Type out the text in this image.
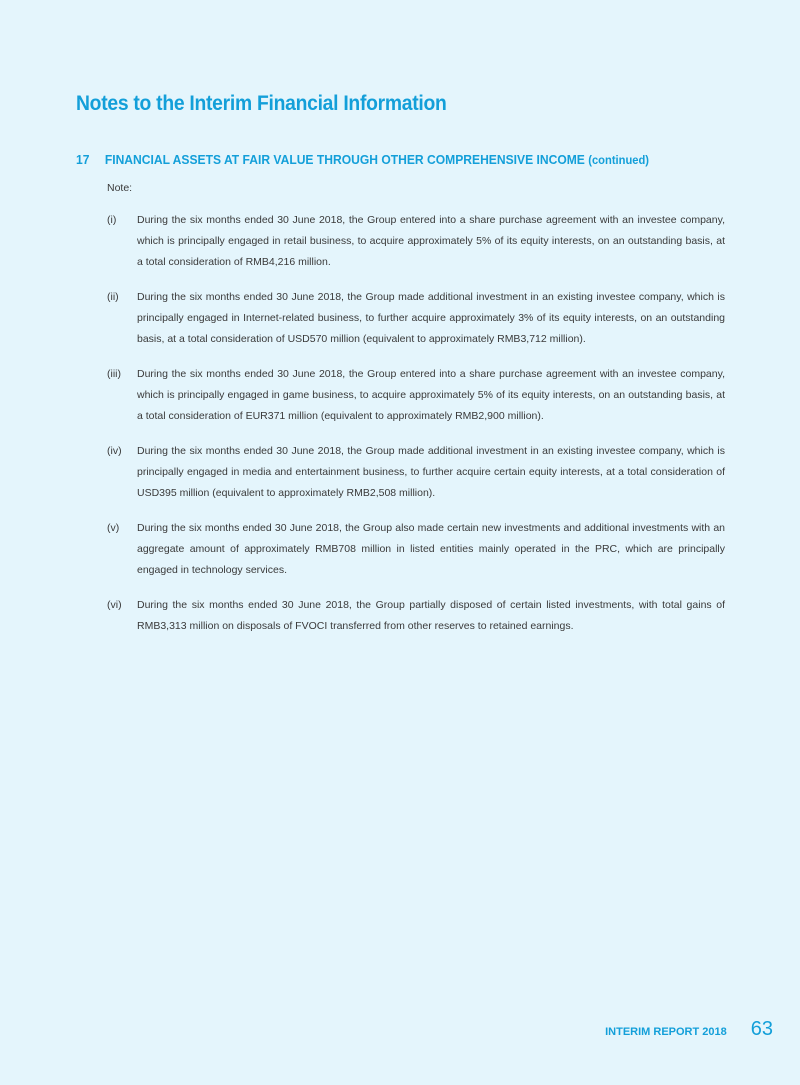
Notes to the Interim Financial Information
17 FINANCIAL ASSETS AT FAIR VALUE THROUGH OTHER COMPREHENSIVE INCOME (continued)
Note:
(i)	During the six months ended 30 June 2018, the Group entered into a share purchase agreement with an investee company, which is principally engaged in retail business, to acquire approximately 5% of its equity interests, on an outstanding basis, at a total consideration of RMB4,216 million.
(ii)	During the six months ended 30 June 2018, the Group made additional investment in an existing investee company, which is principally engaged in Internet-related business, to further acquire approximately 3% of its equity interests, on an outstanding basis, at a total consideration of USD570 million (equivalent to approximately RMB3,712 million).
(iii)	During the six months ended 30 June 2018, the Group entered into a share purchase agreement with an investee company, which is principally engaged in game business, to acquire approximately 5% of its equity interests, on an outstanding basis, at a total consideration of EUR371 million (equivalent to approximately RMB2,900 million).
(iv)	During the six months ended 30 June 2018, the Group made additional investment in an existing investee company, which is principally engaged in media and entertainment business, to further acquire certain equity interests, at a total consideration of USD395 million (equivalent to approximately RMB2,508 million).
(v)	During the six months ended 30 June 2018, the Group also made certain new investments and additional investments with an aggregate amount of approximately RMB708 million in listed entities mainly operated in the PRC, which are principally engaged in technology services.
(vi)	During the six months ended 30 June 2018, the Group partially disposed of certain listed investments, with total gains of RMB3,313 million on disposals of FVOCI transferred from other reserves to retained earnings.
INTERIM REPORT 2018 63
